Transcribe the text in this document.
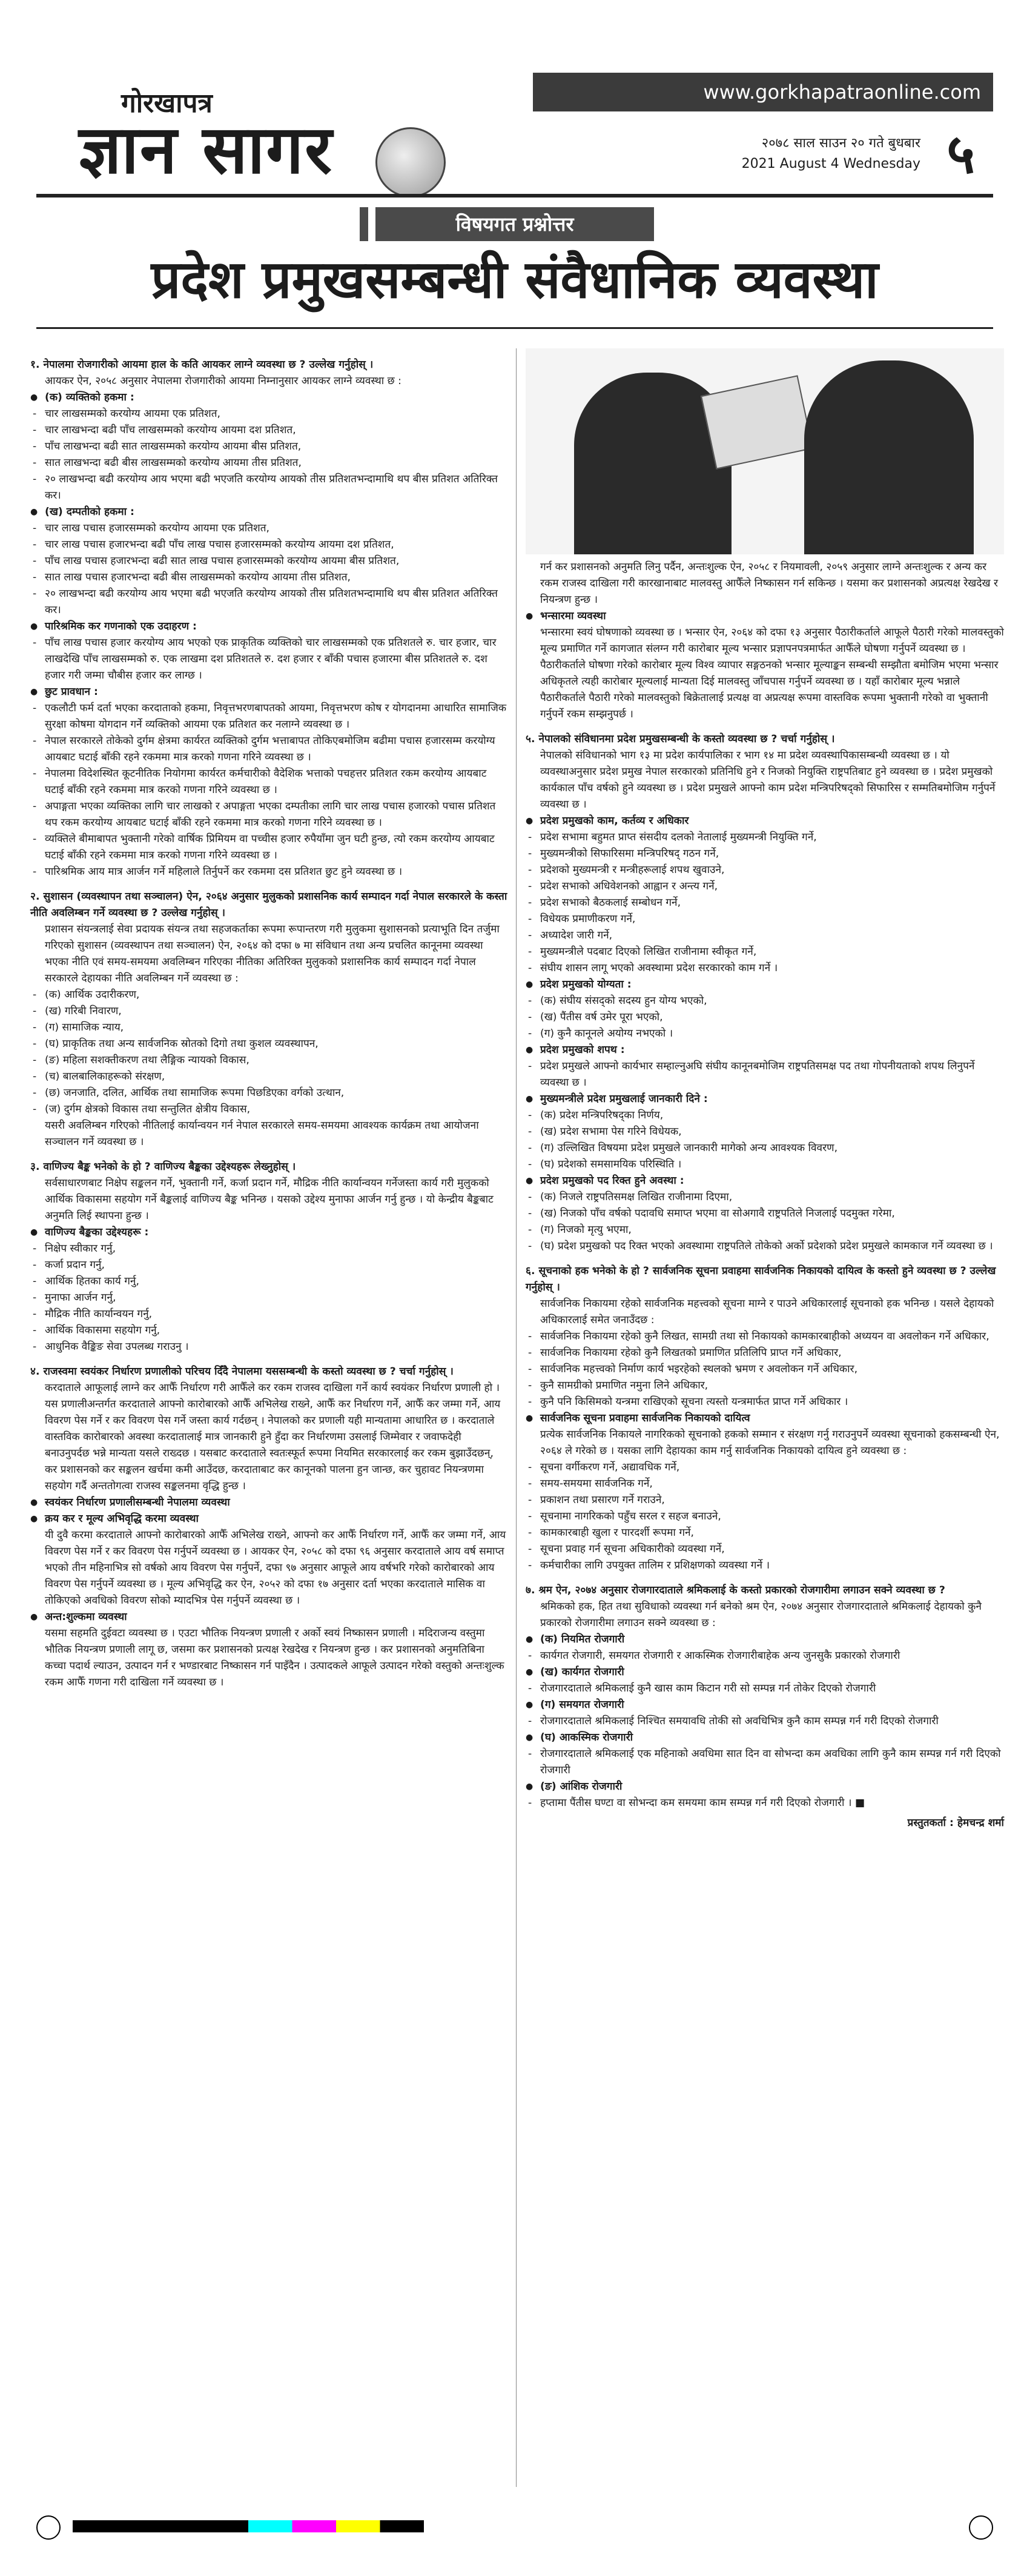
गोरखापत्र
ज्ञान सागर
www.gorkhapatraonline.com
२०७८ साल साउन २० गते बुधबार
2021 August 4 Wednesday ५
विषयगत प्रश्नोत्तर
प्रदेश प्रमुखसम्बन्धी संवैधानिक व्यवस्था
१. नेपालमा रोजगारीको आयमा हाल के कति आयकर लाग्ने व्यवस्था छ ? उल्लेख गर्नुहोस् ।
आयकर ऐन, २०५८ अनुसार नेपालमा रोजगारीको आयमा निम्नानुसार आयकर लाग्ने व्यवस्था छ :
● (क) व्यक्तिको हकमा :
- चार लाखसम्मको करयोग्य आयमा एक प्रतिशत,
- चार लाखभन्दा बढी पाँच लाखसम्मको करयोग्य आयमा दश प्रतिशत,
- पाँच लाखभन्दा बढी सात लाखसम्मको करयोग्य आयमा बीस प्रतिशत,
- सात लाखभन्दा बढी बीस लाखसम्मको करयोग्य आयमा तीस प्रतिशत,
- २० लाखभन्दा बढी करयोग्य आय भएमा बढी भएजति करयोग्य आयको तीस प्रतिशतभन्दामाथि थप बीस प्रतिशत अतिरिक्त कर।
● (ख) दम्पतीको हकमा :
- चार लाख पचास हजारसम्मको करयोग्य आयमा एक प्रतिशत,
- चार लाख पचास हजारभन्दा बढी पाँच लाख पचास हजारसम्मको करयोग्य आयमा दश प्रतिशत,
- पाँच लाख पचास हजारभन्दा बढी सात लाख पचास हजारसम्मको करयोग्य आयमा बीस प्रतिशत,
- सात लाख पचास हजारभन्दा बढी बीस लाखसम्मको करयोग्य आयमा तीस प्रतिशत,
- २० लाखभन्दा बढी करयोग्य आय भएमा बढी भएजति करयोग्य आयको तीस प्रतिशतभन्दामाथि थप बीस प्रतिशत अतिरिक्त कर।
● पारिश्रमिक कर गणनाको एक उदाहरण :
- पाँच लाख पचास हजार करयोग्य आय भएको एक प्राकृतिक व्यक्तिको चार लाखसम्मको एक प्रतिशतले रु. चार हजार, चार लाखदेखि पाँच लाखसम्मको रु. एक लाखमा दश प्रतिशतले रु. दश हजार र बाँकी पचास हजारमा बीस प्रतिशतले रु. दश हजार गरी जम्मा चौबीस हजार कर लाग्छ ।
● छुट प्रावधान :
- एकलौटी फर्म दर्ता भएका करदाताको हकमा, निवृत्तभरणबापतको आयमा, निवृत्तभरण कोष र योगदानमा आधारित सामाजिक सुरक्षा कोषमा योगदान गर्ने व्यक्तिको आयमा एक प्रतिशत कर नलाग्ने व्यवस्था छ ।
- नेपाल सरकारले तोकेको दुर्गम क्षेत्रमा कार्यरत व्यक्तिको दुर्गम भत्ताबापत तोकिएबमोजिम बढीमा पचास हजारसम्म करयोग्य आयबाट घटाई बाँकी रहने रकममा मात्र करको गणना गरिने व्यवस्था छ ।
- नेपालमा विदेशस्थित कूटनीतिक नियोगमा कार्यरत कर्मचारीको वैदेशिक भत्ताको पचहत्तर प्रतिशत रकम करयोग्य आयबाट घटाई बाँकी रहने रकममा मात्र करको गणना गरिने व्यवस्था छ ।
- अपाङ्गता भएका व्यक्तिका लागि चार लाखको र अपाङ्गता भएका दम्पतीका लागि चार लाख पचास हजारको पचास प्रतिशत थप रकम करयोग्य आयबाट घटाई बाँकी रहने रकममा मात्र करको गणना गरिने व्यवस्था छ ।
- व्यक्तिले बीमाबापत भुक्तानी गरेको वार्षिक प्रिमियम वा पच्चीस हजार रुपैयाँमा जुन घटी हुन्छ, त्यो रकम करयोग्य आयबाट घटाई बाँकी रहने रकममा मात्र करको गणना गरिने व्यवस्था छ ।
- पारिश्रमिक आय मात्र आर्जन गर्ने महिलाले तिर्नुपर्ने कर रकममा दस प्रतिशत छुट हुने व्यवस्था छ ।
२. सुशासन (व्यवस्थापन तथा सञ्चालन) ऐन, २०६४ अनुसार मुलुकको प्रशासनिक कार्य सम्पादन गर्दा नेपाल सरकारले के कस्ता नीति अवलिम्बन गर्ने व्यवस्था छ ? उल्लेख गर्नुहोस् ।
प्रशासन संयन्त्रलाई सेवा प्रदायक संयन्त्र तथा सहजकर्ताका रूपमा रूपान्तरण गरी मुलुकमा सुशासनको प्रत्याभूति दिन तर्जुमा गरिएको सुशासन (व्यवस्थापन तथा सञ्चालन) ऐन, २०६४ को दफा ७ मा संविधान तथा अन्य प्रचलित कानूनमा व्यवस्था भएका नीति एवं समय-समयमा अवलिम्बन गरिएका नीतिका अतिरिक्त मुलुकको प्रशासनिक कार्य सम्पादन गर्दा नेपाल सरकारले देहायका नीति अवलिम्बन गर्ने व्यवस्था छ :
- (क) आर्थिक उदारीकरण,
- (ख) गरिबी निवारण,
- (ग) सामाजिक न्याय,
- (घ) प्राकृतिक तथा अन्य सार्वजनिक स्रोतको दिगो तथा कुशल व्यवस्थापन,
- (ङ) महिला सशक्तीकरण तथा लैङ्गिक न्यायको विकास,
- (च) बालबालिकाहरूको संरक्षण,
- (छ) जनजाति, दलित, आर्थिक तथा सामाजिक रूपमा पिछडिएका वर्गको उत्थान,
- (ज) दुर्गम क्षेत्रको विकास तथा सन्तुलित क्षेत्रीय विकास,
यसरी अवलिम्बन गरिएको नीतिलाई कार्यान्वयन गर्न नेपाल सरकारले समय-समयमा आवश्यक कार्यक्रम तथा आयोजना सञ्चालन गर्ने व्यवस्था छ ।
३. वाणिज्य बैङ्क भनेको के हो ? वाणिज्य बैङ्कका उद्देश्यहरू लेख्नुहोस् ।
सर्वसाधारणबाट निक्षेप सङ्कलन गर्ने, भुक्तानी गर्ने, कर्जा प्रदान गर्ने, मौद्रिक नीति कार्यान्वयन गर्नेजस्ता कार्य गरी मुलुकको आर्थिक विकासमा सहयोग गर्ने बैङ्कलाई वाणिज्य बैङ्क भनिन्छ । यसको उद्देश्य मुनाफा आर्जन गर्नु हुन्छ । यो केन्द्रीय बैङ्कबाट अनुमति लिई स्थापना हुन्छ ।
● वाणिज्य बैङ्कका उद्देश्यहरू :
- निक्षेप स्वीकार गर्नु,
- कर्जा प्रदान गर्नु,
- आर्थिक हितका कार्य गर्नु,
- मुनाफा आर्जन गर्नु,
- मौद्रिक नीति कार्यान्वयन गर्नु,
- आर्थिक विकासमा सहयोग गर्नु,
- आधुनिक वैङ्किङ सेवा उपलब्ध गराउनु ।
४. राजस्वमा स्वयंकर निर्धारण प्रणालीको परिचय दिँदै नेपालमा यससम्बन्धी के कस्तो व्यवस्था छ ? चर्चा गर्नुहोस् ।
करदाताले आफूलाई लाग्ने कर आफैँ निर्धारण गरी आफैँले कर रकम राजस्व दाखिला गर्ने कार्य स्वयंकर निर्धारण प्रणाली हो । यस प्रणालीअन्तर्गत करदाताले आफ्नो कारोबारको आफैँ अभिलेख राख्ने, आफैँ कर निर्धारण गर्ने, आफैँ कर जम्मा गर्ने, आय विवरण पेस गर्ने र कर विवरण पेस गर्ने जस्ता कार्य गर्दछन् । नेपालको कर प्रणाली यही मान्यतामा आधारित छ । करदाताले वास्तविक कारोबारको अवस्था करदातालाई मात्र जानकारी हुने हुँदा कर निर्धारणमा उसलाई जिम्मेवार र जवाफदेही बनाउनुपर्दछ भन्ने मान्यता यसले राख्दछ । यसबाट करदाताले स्वतःस्फूर्त रूपमा नियमित सरकारलाई कर रकम बुझाउँदछन्, कर प्रशासनको कर सङ्कलन खर्चमा कमी आउँदछ, करदाताबाट कर कानूनको पालना हुन जान्छ, कर चुहावट नियन्त्रणमा सहयोग गर्दै अन्ततोगत्वा राजस्व सङ्कलनमा वृद्धि हुन्छ ।
● स्वयंकर निर्धारण प्रणालीसम्बन्धी नेपालमा व्यवस्था
● क्रय कर र मूल्य अभिवृद्धि करमा व्यवस्था
यी दुवै करमा करदाताले आफ्नो कारोबारको आफैँ अभिलेख राख्ने, आफ्नो कर आफैँ निर्धारण गर्ने, आफैँ कर जम्मा गर्ने, आय विवरण पेस गर्ने र कर विवरण पेस गर्नुपर्ने व्यवस्था छ । आयकर ऐन, २०५८ को दफा ९६ अनुसार करदाताले आय वर्ष समाप्त भएको तीन महिनाभित्र सो वर्षको आय विवरण पेस गर्नुपर्ने, दफा ९७ अनुसार आफूले आय वर्षभरि गरेको कारोबारको आय विवरण पेस गर्नुपर्ने व्यवस्था छ । मूल्य अभिवृद्धि कर ऐन, २०५२ को दफा १७ अनुसार दर्ता भएका करदाताले मासिक वा तोकिएको अवधिको विवरण सोको म्यादभित्र पेस गर्नुपर्ने व्यवस्था छ ।
● अन्त:शुल्कमा व्यवस्था
यसमा सहमति दुईवटा व्यवस्था छ । एउटा भौतिक नियन्त्रण प्रणाली र अर्को स्वयं निष्कासन प्रणाली । मदिराजन्य वस्तुमा भौतिक नियन्त्रण प्रणाली लागू छ, जसमा कर प्रशासनको प्रत्यक्ष रेखदेख र नियन्त्रण हुन्छ । कर प्रशासनको अनुमतिबिना कच्चा पदार्थ ल्याउन, उत्पादन गर्न र भण्डारबाट निष्कासन गर्न पाइँदैन । उत्पादकले आफूले उत्पादन गरेको वस्तुको अन्तःशुल्क रकम आफैँ गणना गरी दाखिला गर्ने व्यवस्था छ ।
गर्न कर प्रशासनको अनुमति लिनु पर्दैन, अन्तःशुल्क ऐन, २०५८ र नियमावली, २०५९ अनुसार लाग्ने अन्तःशुल्क र अन्य कर रकम राजस्व दाखिला गरी कारखानाबाट मालवस्तु आफैँले निष्कासन गर्न सकिन्छ । यसमा कर प्रशासनको अप्रत्यक्ष रेखदेख र नियन्त्रण हुन्छ ।
● भन्सारमा व्यवस्था
भन्सारमा स्वयं घोषणाको व्यवस्था छ । भन्सार ऐन, २०६४ को दफा १३ अनुसार पैठारीकर्ताले आफूले पैठारी गरेको मालवस्तुको मूल्य प्रमाणित गर्ने कागजात संलग्न गरी कारोबार मूल्य भन्सार प्रज्ञापनपत्रमार्फत आफैँले घोषणा गर्नुपर्ने व्यवस्था छ । पैठारीकर्ताले घोषणा गरेको कारोबार मूल्य विश्व व्यापार सङ्गठनको भन्सार मूल्याङ्कन सम्बन्धी सम्झौता बमोजिम भएमा भन्सार अधिकृतले त्यही कारोबार मूल्यलाई मान्यता दिई मालवस्तु जाँचपास गर्नुपर्ने व्यवस्था छ । यहाँ कारोबार मूल्य भन्नाले पैठारीकर्ताले पैठारी गरेको मालवस्तुको बिक्रेतालाई प्रत्यक्ष वा अप्रत्यक्ष रूपमा वास्तविक रूपमा भुक्तानी गरेको वा भुक्तानी गर्नुपर्ने रकम सम्झनुपर्छ ।
५. नेपालको संविधानमा प्रदेश प्रमुखसम्बन्धी के कस्तो व्यवस्था छ ? चर्चा गर्नुहोस् ।
नेपालको संविधानको भाग १३ मा प्रदेश कार्यपालिका र भाग १४ मा प्रदेश व्यवस्थापिकासम्बन्धी व्यवस्था छ । यो व्यवस्थाअनुसार प्रदेश प्रमुख नेपाल सरकारको प्रतिनिधि हुने र निजको नियुक्ति राष्ट्रपतिबाट हुने व्यवस्था छ । प्रदेश प्रमुखको कार्यकाल पाँच वर्षको हुने व्यवस्था छ । प्रदेश प्रमुखले आफ्नो काम प्रदेश मन्त्रिपरिषद्को सिफारिस र सम्मतिबमोजिम गर्नुपर्ने व्यवस्था छ ।
● प्रदेश प्रमुखको काम, कर्तव्य र अधिकार
- प्रदेश सभामा बहुमत प्राप्त संसदीय दलको नेतालाई मुख्यमन्त्री नियुक्ति गर्ने,
- मुख्यमन्त्रीको सिफारिसमा मन्त्रिपरिषद् गठन गर्ने,
- प्रदेशको मुख्यमन्त्री र मन्त्रीहरूलाई शपथ खुवाउने,
- प्रदेश सभाको अधिवेशनको आह्वान र अन्त्य गर्ने,
- प्रदेश सभाको बैठकलाई सम्बोधन गर्ने,
- विधेयक प्रमाणीकरण गर्ने,
- अध्यादेश जारी गर्ने,
- मुख्यमन्त्रीले पदबाट दिएको लिखित राजीनामा स्वीकृत गर्ने,
- संघीय शासन लागू भएको अवस्थामा प्रदेश सरकारको काम गर्ने ।
● प्रदेश प्रमुखको योग्यता :
- (क) संघीय संसद्को सदस्य हुन योग्य भएको,
- (ख) पैंतीस वर्ष उमेर पूरा भएको,
- (ग) कुनै कानूनले अयोग्य नभएको ।
● प्रदेश प्रमुखको शपथ :
- प्रदेश प्रमुखले आफ्नो कार्यभार सम्हाल्नुअघि संघीय कानूनबमोजिम राष्ट्रपतिसमक्ष पद तथा गोपनीयताको शपथ लिनुपर्ने व्यवस्था छ ।
● मुख्यमन्त्रीले प्रदेश प्रमुखलाई जानकारी दिने :
- (क) प्रदेश मन्त्रिपरिषद्का निर्णय,
- (ख) प्रदेश सभामा पेस गरिने विधेयक,
- (ग) उल्लिखित विषयमा प्रदेश प्रमुखले जानकारी मागेको अन्य आवश्यक विवरण,
- (घ) प्रदेशको समसामयिक परिस्थिति ।
● प्रदेश प्रमुखको पद रिक्त हुने अवस्था :
- (क) निजले राष्ट्रपतिसमक्ष लिखित राजीनामा दिएमा,
- (ख) निजको पाँच वर्षको पदावधि समाप्त भएमा वा सोअगावै राष्ट्रपतिले निजलाई पदमुक्त गरेमा,
- (ग) निजको मृत्यु भएमा,
- (घ) प्रदेश प्रमुखको पद रिक्त भएको अवस्थामा राष्ट्रपतिले तोकेको अर्को प्रदेशको प्रदेश प्रमुखले कामकाज गर्ने व्यवस्था छ ।
६. सूचनाको हक भनेको के हो ? सार्वजनिक सूचना प्रवाहमा सार्वजनिक निकायको दायित्व के कस्तो हुने व्यवस्था छ ? उल्लेख गर्नुहोस् ।
सार्वजनिक निकायमा रहेको सार्वजनिक महत्त्वको सूचना माग्ने र पाउने अधिकारलाई सूचनाको हक भनिन्छ । यसले देहायको अधिकारलाई समेत जनाउँदछ :
- सार्वजनिक निकायमा रहेको कुनै लिखत, सामग्री तथा सो निकायको कामकारबाहीको अध्ययन वा अवलोकन गर्ने अधिकार,
- सार्वजनिक निकायमा रहेको कुनै लिखतको प्रमाणित प्रतिलिपि प्राप्त गर्ने अधिकार,
- सार्वजनिक महत्त्वको निर्माण कार्य भइरहेको स्थलको भ्रमण र अवलोकन गर्ने अधिकार,
- कुनै सामग्रीको प्रमाणित नमुना लिने अधिकार,
- कुनै पनि किसिमको यन्त्रमा राखिएको सूचना त्यस्तो यन्त्रमार्फत प्राप्त गर्ने अधिकार ।
● सार्वजनिक सूचना प्रवाहमा सार्वजनिक निकायको दायित्व
प्रत्येक सार्वजनिक निकायले नागरिकको सूचनाको हकको सम्मान र संरक्षण गर्नु गराउनुपर्ने व्यवस्था सूचनाको हकसम्बन्धी ऐन, २०६४ ले गरेको छ । यसका लागि देहायका काम गर्नु सार्वजनिक निकायको दायित्व हुने व्यवस्था छ :
- सूचना वर्गीकरण गर्ने, अद्यावधिक गर्ने,
- समय-समयमा सार्वजनिक गर्ने,
- प्रकाशन तथा प्रसारण गर्ने गराउने,
- सूचनामा नागरिकको पहुँच सरल र सहज बनाउने,
- कामकारबाही खुला र पारदर्शी रूपमा गर्ने,
- सूचना प्रवाह गर्न सूचना अधिकारीको व्यवस्था गर्ने,
- कर्मचारीका लागि उपयुक्त तालिम र प्रशिक्षणको व्यवस्था गर्ने ।
७. श्रम ऐन, २०७४ अनुसार रोजगारदाताले श्रमिकलाई के कस्तो प्रकारको रोजगारीमा लगाउन सक्ने व्यवस्था छ ?
श्रमिकको हक, हित तथा सुविधाको व्यवस्था गर्न बनेको श्रम ऐन, २०७४ अनुसार रोजगारदाताले श्रमिकलाई देहायको कुनै प्रकारको रोजगारीमा लगाउन सक्ने व्यवस्था छ :
● (क) नियमित रोजगारी
- कार्यगत रोजगारी, समयगत रोजगारी र आकस्मिक रोजगारीबाहेक अन्य जुनसुकै प्रकारको रोजगारी
● (ख) कार्यगत रोजगारी
- रोजगारदाताले श्रमिकलाई कुनै खास काम किटान गरी सो सम्पन्न गर्न तोकेर दिएको रोजगारी
● (ग) समयगत रोजगारी
- रोजगारदाताले श्रमिकलाई निश्चित समयावधि तोकी सो अवधिभित्र कुनै काम सम्पन्न गर्न गरी दिएको रोजगारी
● (घ) आकस्मिक रोजगारी
- रोजगारदाताले श्रमिकलाई एक महिनाको अवधिमा सात दिन वा सोभन्दा कम अवधिका लागि कुनै काम सम्पन्न गर्न गरी दिएको रोजगारी
● (ङ) आंशिक रोजगारी
- हप्तामा पैंतीस घण्टा वा सोभन्दा कम समयमा काम सम्पन्न गर्न गरी दिएको रोजगारी । ■
प्रस्तुतकर्ता : हेमचन्द्र शर्मा
